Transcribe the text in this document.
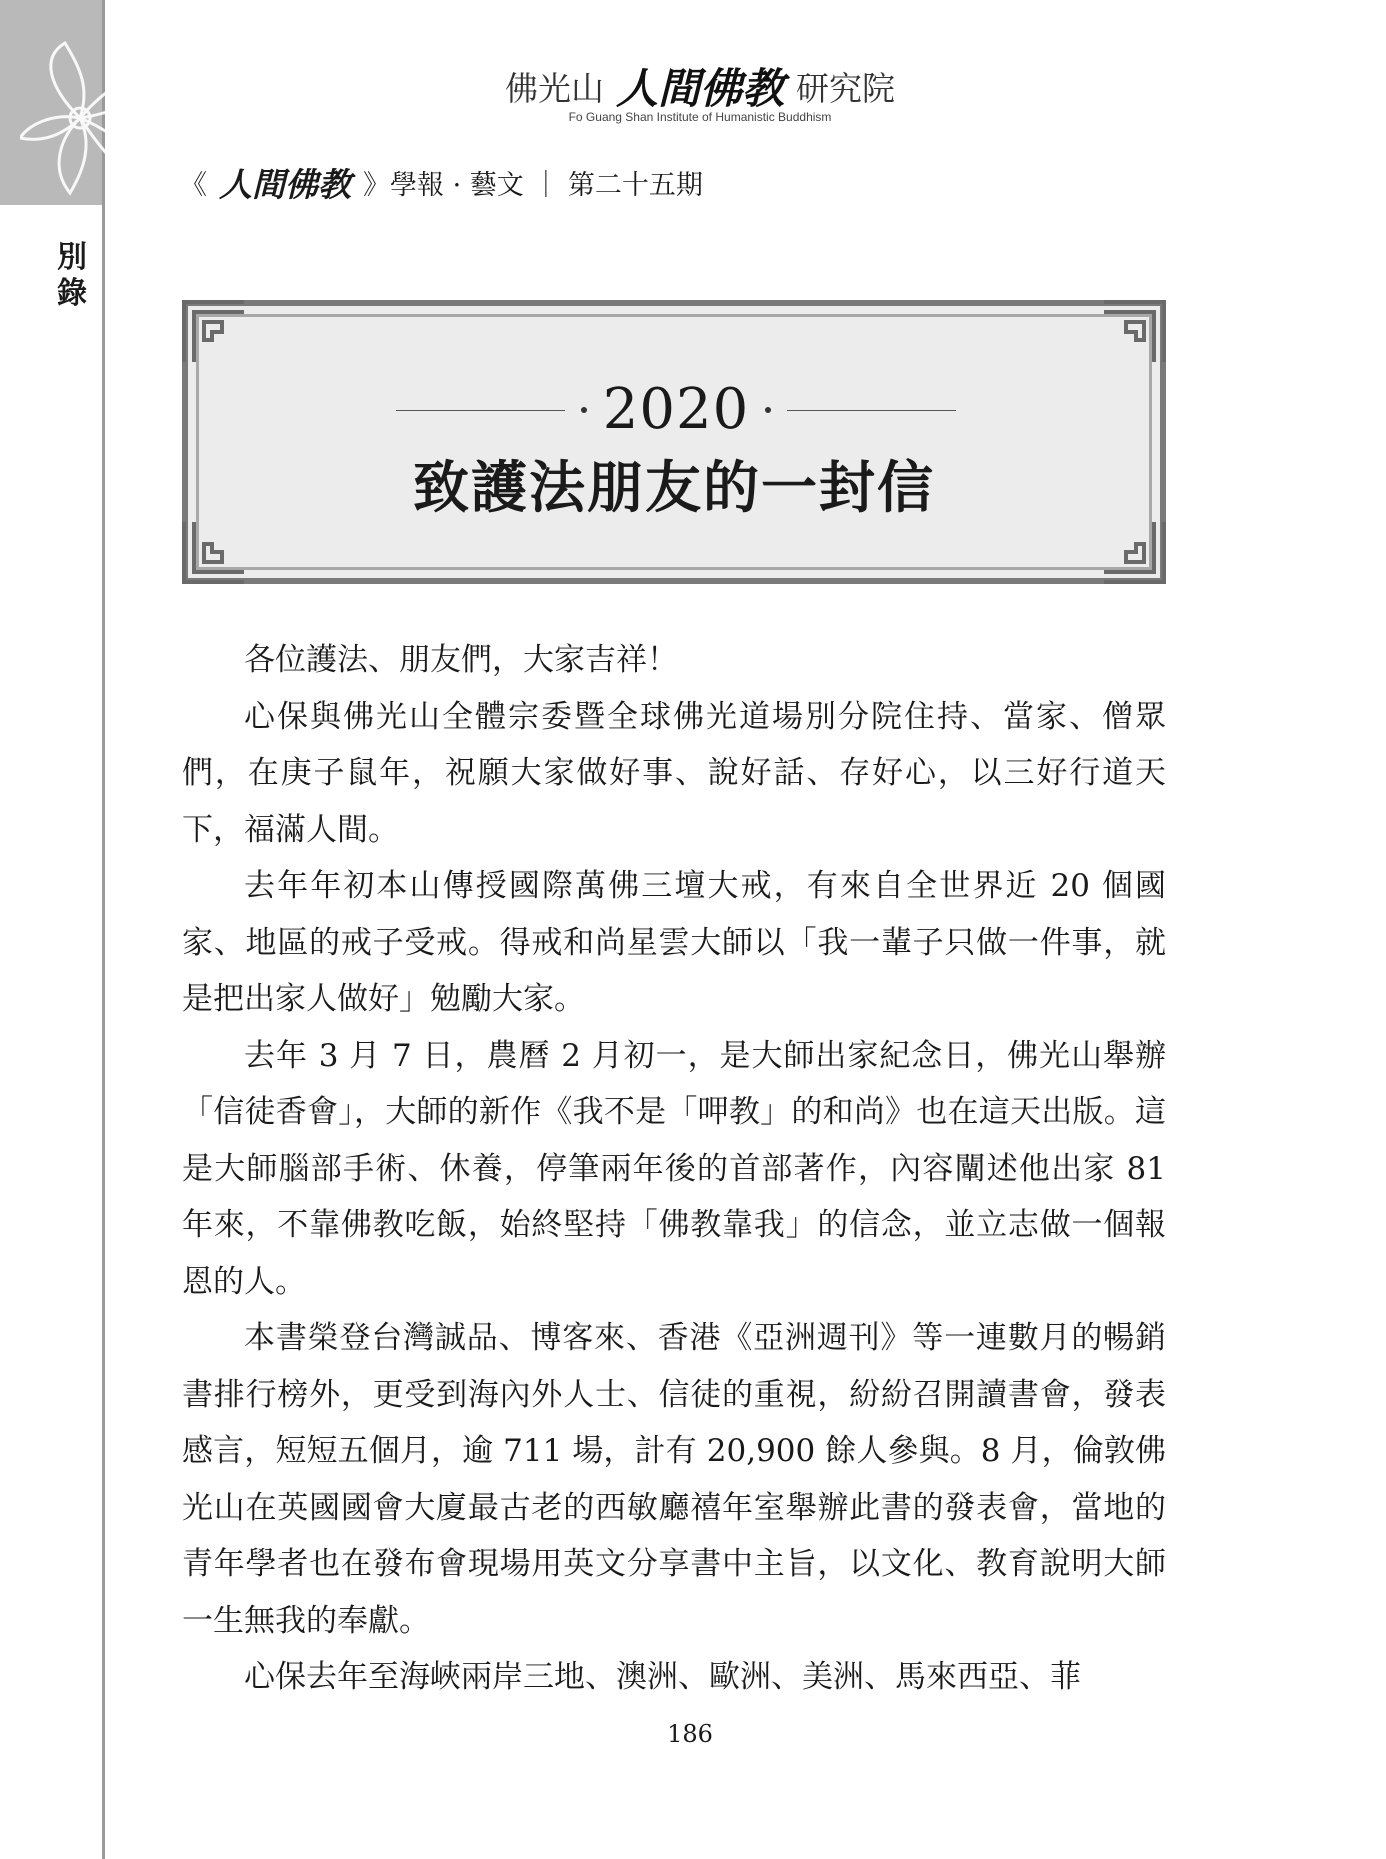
別
錄
佛光山 人間佛教 研究院
Fo Guang Shan Institute of Humanistic Buddhism
《 人間佛教 》學報 · 藝文 ｜ 第二十五期
2020
致護法朋友的一封信

各位護法、朋友們，大家吉祥！

心保與佛光山全體宗委暨全球佛光道場別分院住持、當家、僧眾們，在庚子鼠年，祝願大家做好事、說好話、存好心，以三好行道天下，福滿人間。

去年年初本山傳授國際萬佛三壇大戒，有來自全世界近 20 個國家、地區的戒子受戒。得戒和尚星雲大師以「我一輩子只做一件事，就是把出家人做好」勉勵大家。

去年 3 月 7 日，農曆 2 月初一，是大師出家紀念日，佛光山舉辦「信徒香會」，大師的新作《我不是「呷教」的和尚》也在這天出版。這是大師腦部手術、休養，停筆兩年後的首部著作，內容闡述他出家 81 年來，不靠佛教吃飯，始終堅持「佛教靠我」的信念，並立志做一個報恩的人。

本書榮登台灣誠品、博客來、香港《亞洲週刊》等一連數月的暢銷書排行榜外，更受到海內外人士、信徒的重視，紛紛召開讀書會，發表感言，短短五個月，逾 711 場，計有 20,900 餘人參與。8 月，倫敦佛光山在英國國會大廈最古老的西敏廳禧年室舉辦此書的發表會，當地的青年學者也在發布會現場用英文分享書中主旨，以文化、教育說明大師一生無我的奉獻。

心保去年至海峽兩岸三地、澳洲、歐洲、美洲、馬來西亞、菲

186
